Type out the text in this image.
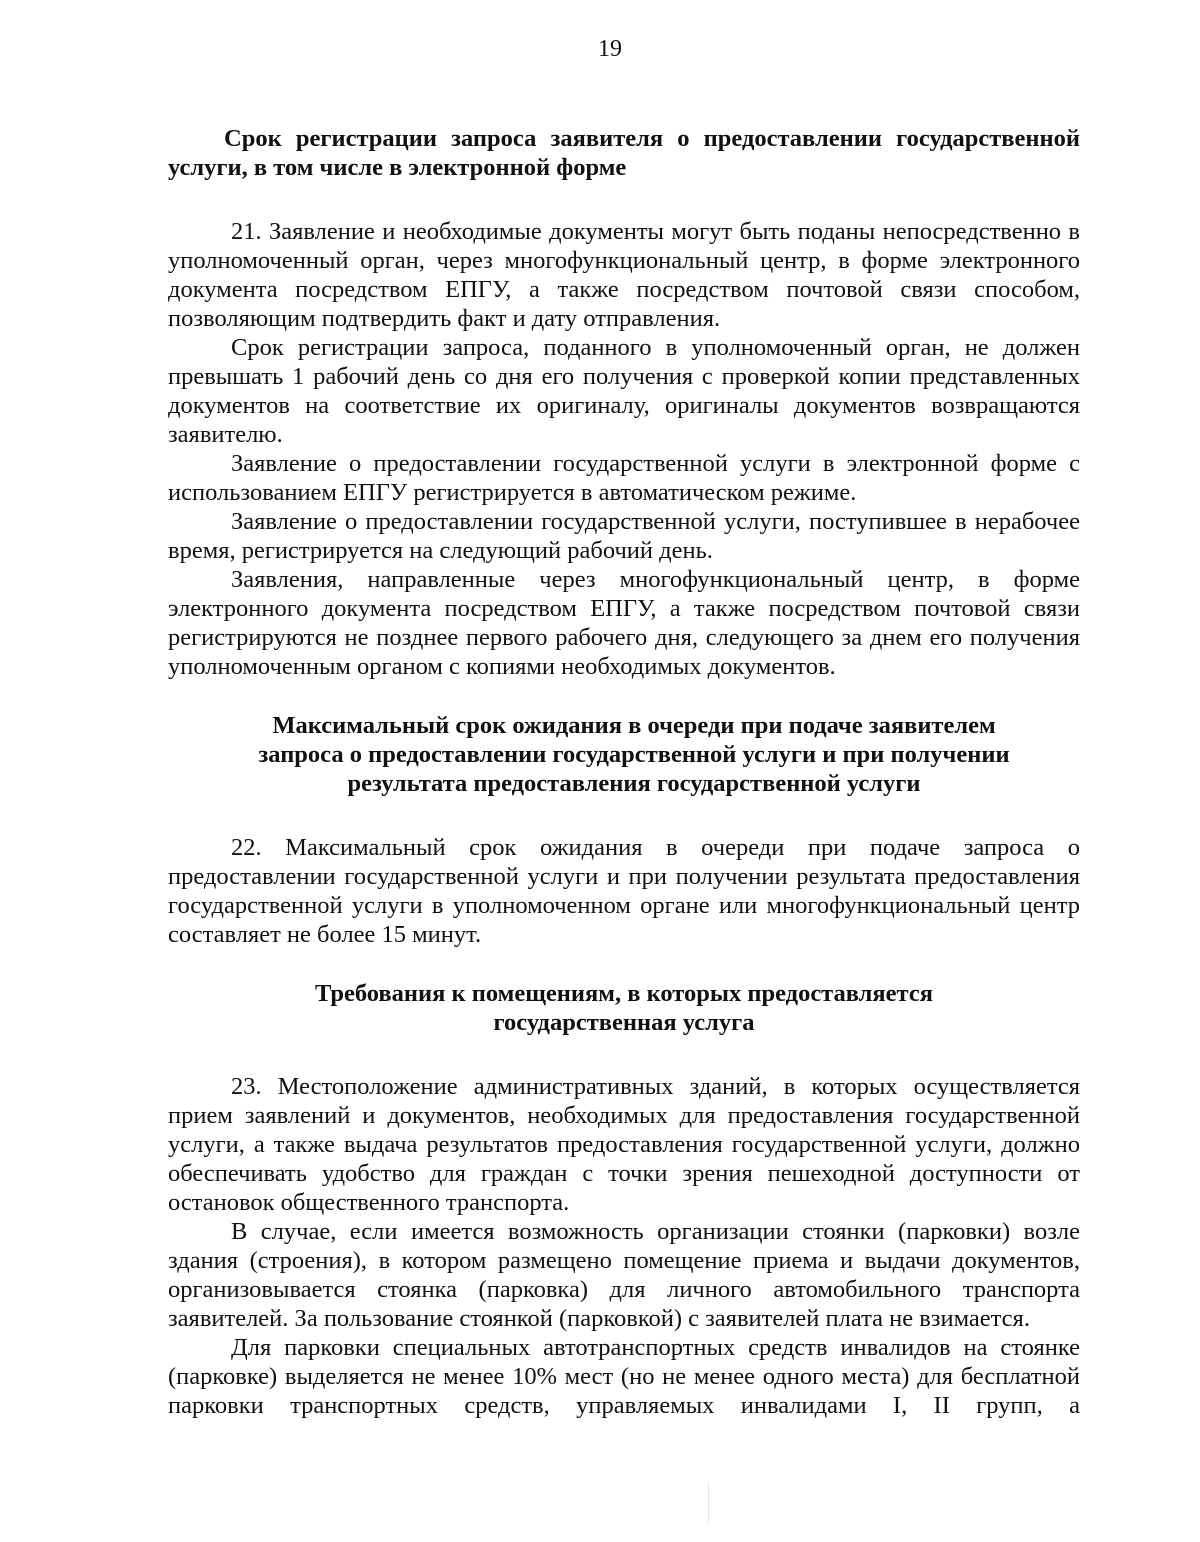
19

Срок регистрации запроса заявителя о предоставлении государственной услуги, в том числе в электронной форме

21. Заявление и необходимые документы могут быть поданы непосредственно в уполномоченный орган, через многофункциональный центр, в форме электронного документа посредством ЕПГУ, а также посредством почтовой связи способом, позволяющим подтвердить факт и дату отправления.

Срок регистрации запроса, поданного в уполномоченный орган, не должен превышать 1 рабочий день со дня его получения с проверкой копии представленных документов на соответствие их оригиналу, оригиналы документов возвращаются заявителю.

Заявление о предоставлении государственной услуги в электронной форме с использованием ЕПГУ регистрируется в автоматическом режиме.

Заявление о предоставлении государственной услуги, поступившее в нерабочее время, регистрируется на следующий рабочий день.

Заявления, направленные через многофункциональный центр, в форме электронного документа посредством ЕПГУ, а также посредством почтовой связи регистрируются не позднее первого рабочего дня, следующего за днем его получения уполномоченным органом с копиями необходимых документов.

Максимальный срок ожидания в очереди при подаче заявителем запроса о предоставлении государственной услуги и при получении результата предоставления государственной услуги

22. Максимальный срок ожидания в очереди при подаче запроса о предоставлении государственной услуги и при получении результата предоставления государственной услуги в уполномоченном органе или многофункциональный центр составляет не более 15 минут.

Требования к помещениям, в которых предоставляется государственная услуга

23. Местоположение административных зданий, в которых осуществляется прием заявлений и документов, необходимых для предоставления государственной услуги, а также выдача результатов предоставления государственной услуги, должно обеспечивать удобство для граждан с точки зрения пешеходной доступности от остановок общественного транспорта.

В случае, если имеется возможность организации стоянки (парковки) возле здания (строения), в котором размещено помещение приема и выдачи документов, организовывается стоянка (парковка) для личного автомобильного транспорта заявителей. За пользование стоянкой (парковкой) с заявителей плата не взимается.

Для парковки специальных автотранспортных средств инвалидов на стоянке (парковке) выделяется не менее 10% мест (но не менее одного места) для бесплатной парковки транспортных средств, управляемых инвалидами I, II групп, а
